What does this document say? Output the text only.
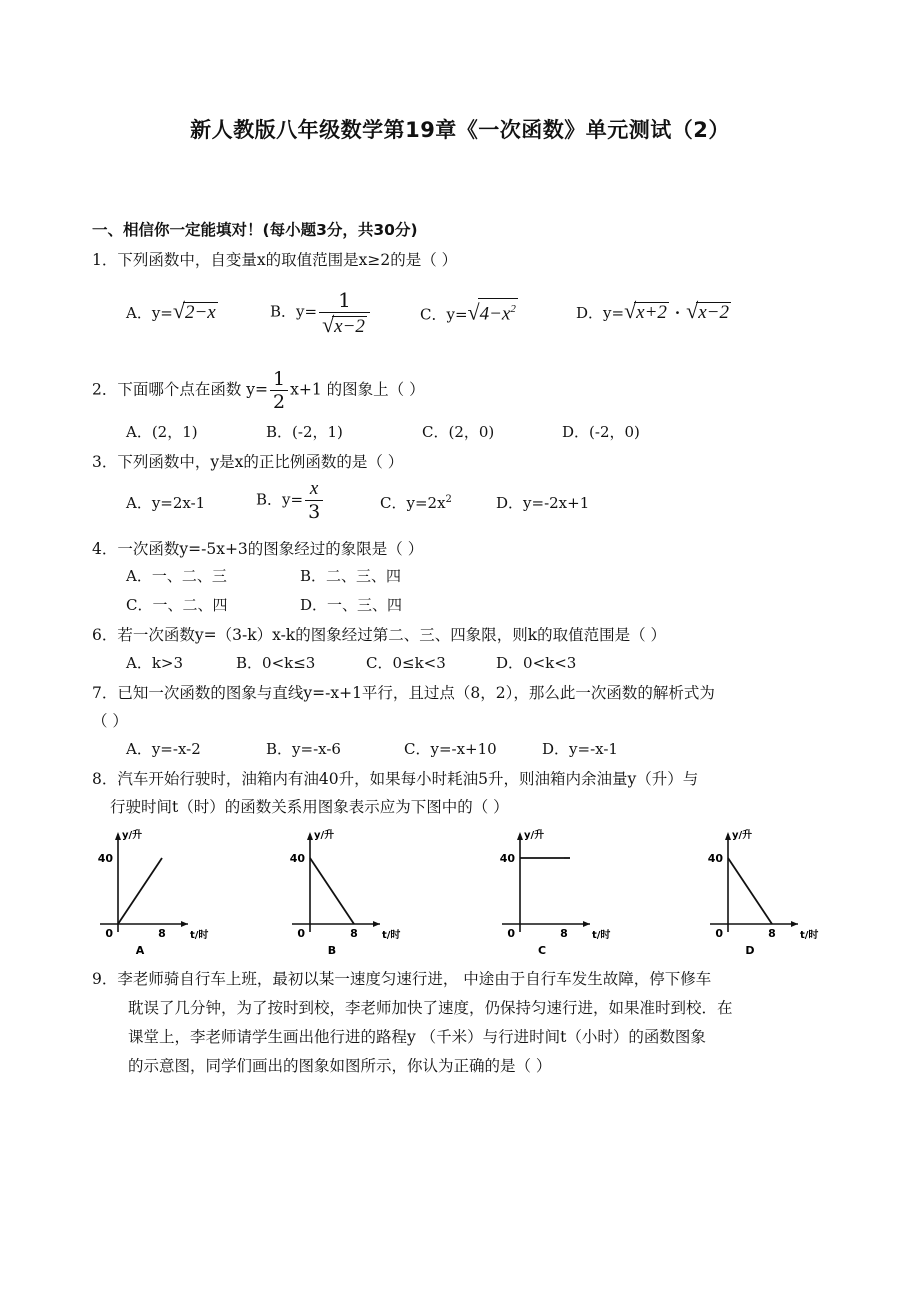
新人教版八年级数学第19章《一次函数》单元测试（2）
一、相信你一定能填对！(每小题3分，共30分)
1．下列函数中，自变量x的取值范围是x≥2的是（ ）
A．y=√2−x	B．$y= \frac{1}{√x-2}$	C．$y=√4-x^2$	D．y=√x+2 · √x−2
2．下面哪个点在函数 $y= \frac{1}{2} x+1$ 的图象上（ ）
A．(2，1)	B．(-2，1)	C．(2，0)	D．(-2，0)
3．下列函数中，y是x的正比例函数的是（ ）
A．y=2x-1	B．$y= \frac{x}{3}$	C．$y=2x^2$	D．y=-2x+1
4．一次函数y=-5x+3的图象经过的象限是（ ）
A．一、二、三	B．二、三、四
C．一、二、四	D．一、三、四
6．若一次函数y=（3-k）x-k的图象经过第二、三、四象限，则k的取值范围是（ ）
A．k>3	B．0<k≤3	C．0≤k<3	D．0<k<3
7．已知一次函数的图象与直线y=-x+1平行，且过点（8，2），那么此一次函数的解析式为
（ ）
A．y=-x-2	B．y=-x-6	C．y=-x+10	D．y=-x-1
8．汽车开始行驶时，油箱内有油40升，如果每小时耗油5升，则油箱内余油量y（升）与
行驶时间t（时）的函数关系用图象表示应为下图中的（ ）
y/升
40
0	8 t/时
A
y/升
40
0	8 t/时
B
y/升
40
0	8 t/时
C
y/升
40
0	8 t/时
D
9．李老师骑自行车上班，最初以某一速度匀速行进， 中途由于自行车发生故障，停下修车
耽误了几分钟，为了按时到校，李老师加快了速度，仍保持匀速行进，如果准时到校．在
课堂上，李老师请学生画出他行进的路程y （千米）与行进时间t（小时）的函数图象
的示意图，同学们画出的图象如图所示，你认为正确的是（ ）
